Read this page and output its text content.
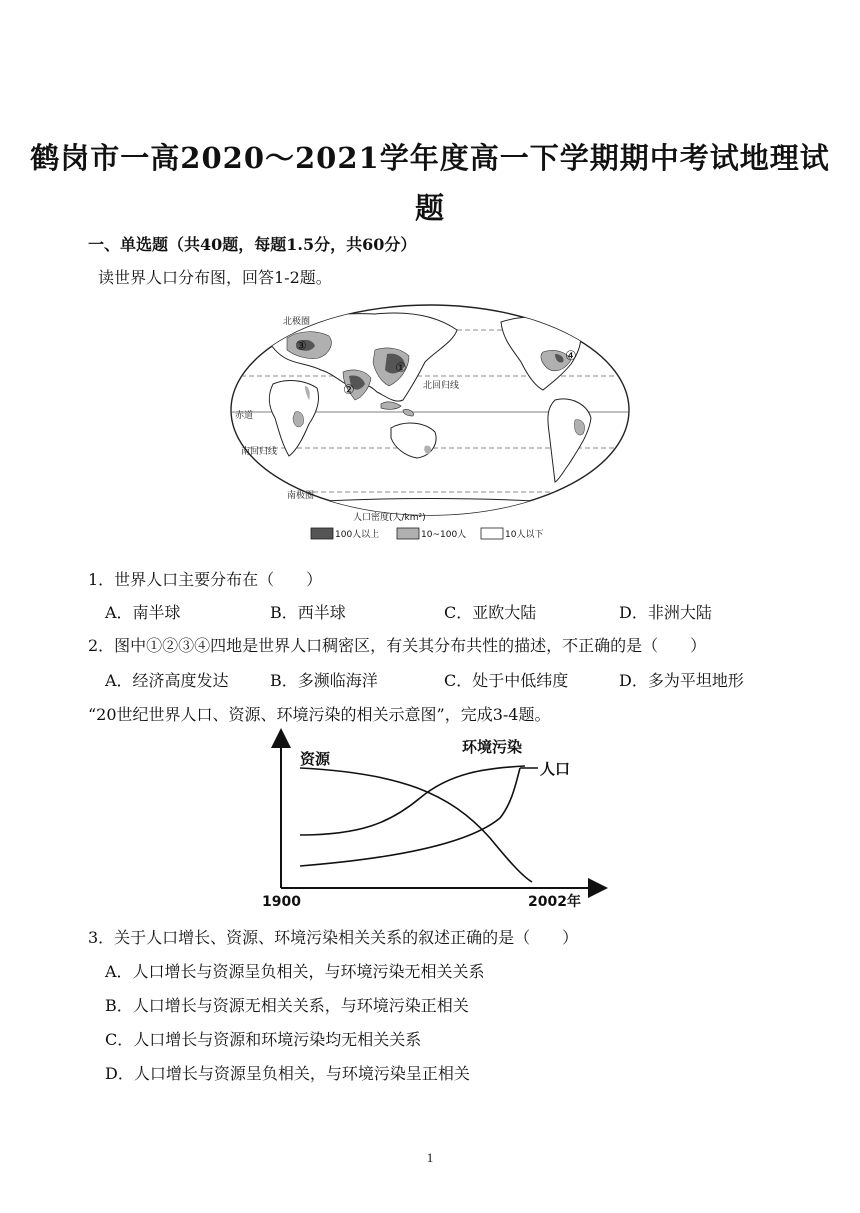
鹤岗市一高2020～2021学年度高一下学期期中考试地理试
题
一、单选题（共40题，每题1.5分，共60分）
读世界人口分布图，回答1-2题。
北极圈
北回归线
赤道
南回归线
南极圈
①
②
③
④
人口密度(人/km²)
100人以上	10~100人	10人以下
1．世界人口主要分布在（　　）
A．南半球	B．西半球	C．亚欧大陆	D．非洲大陆
2．图中①②③④四地是世界人口稠密区，有关其分布共性的描述，不正确的是（　　）
A．经济高度发达	B．多濒临海洋	C．处于中低纬度	D．多为平坦地形
“20世纪世界人口、资源、环境污染的相关示意图”，完成3-4题。
资源
环境污染
人口
1900	2002年
3．关于人口增长、资源、环境污染相关关系的叙述正确的是（　　）
A．人口增长与资源呈负相关，与环境污染无相关关系
B．人口增长与资源无相关关系，与环境污染正相关
C．人口增长与资源和环境污染均无相关关系
D．人口增长与资源呈负相关，与环境污染呈正相关
1
